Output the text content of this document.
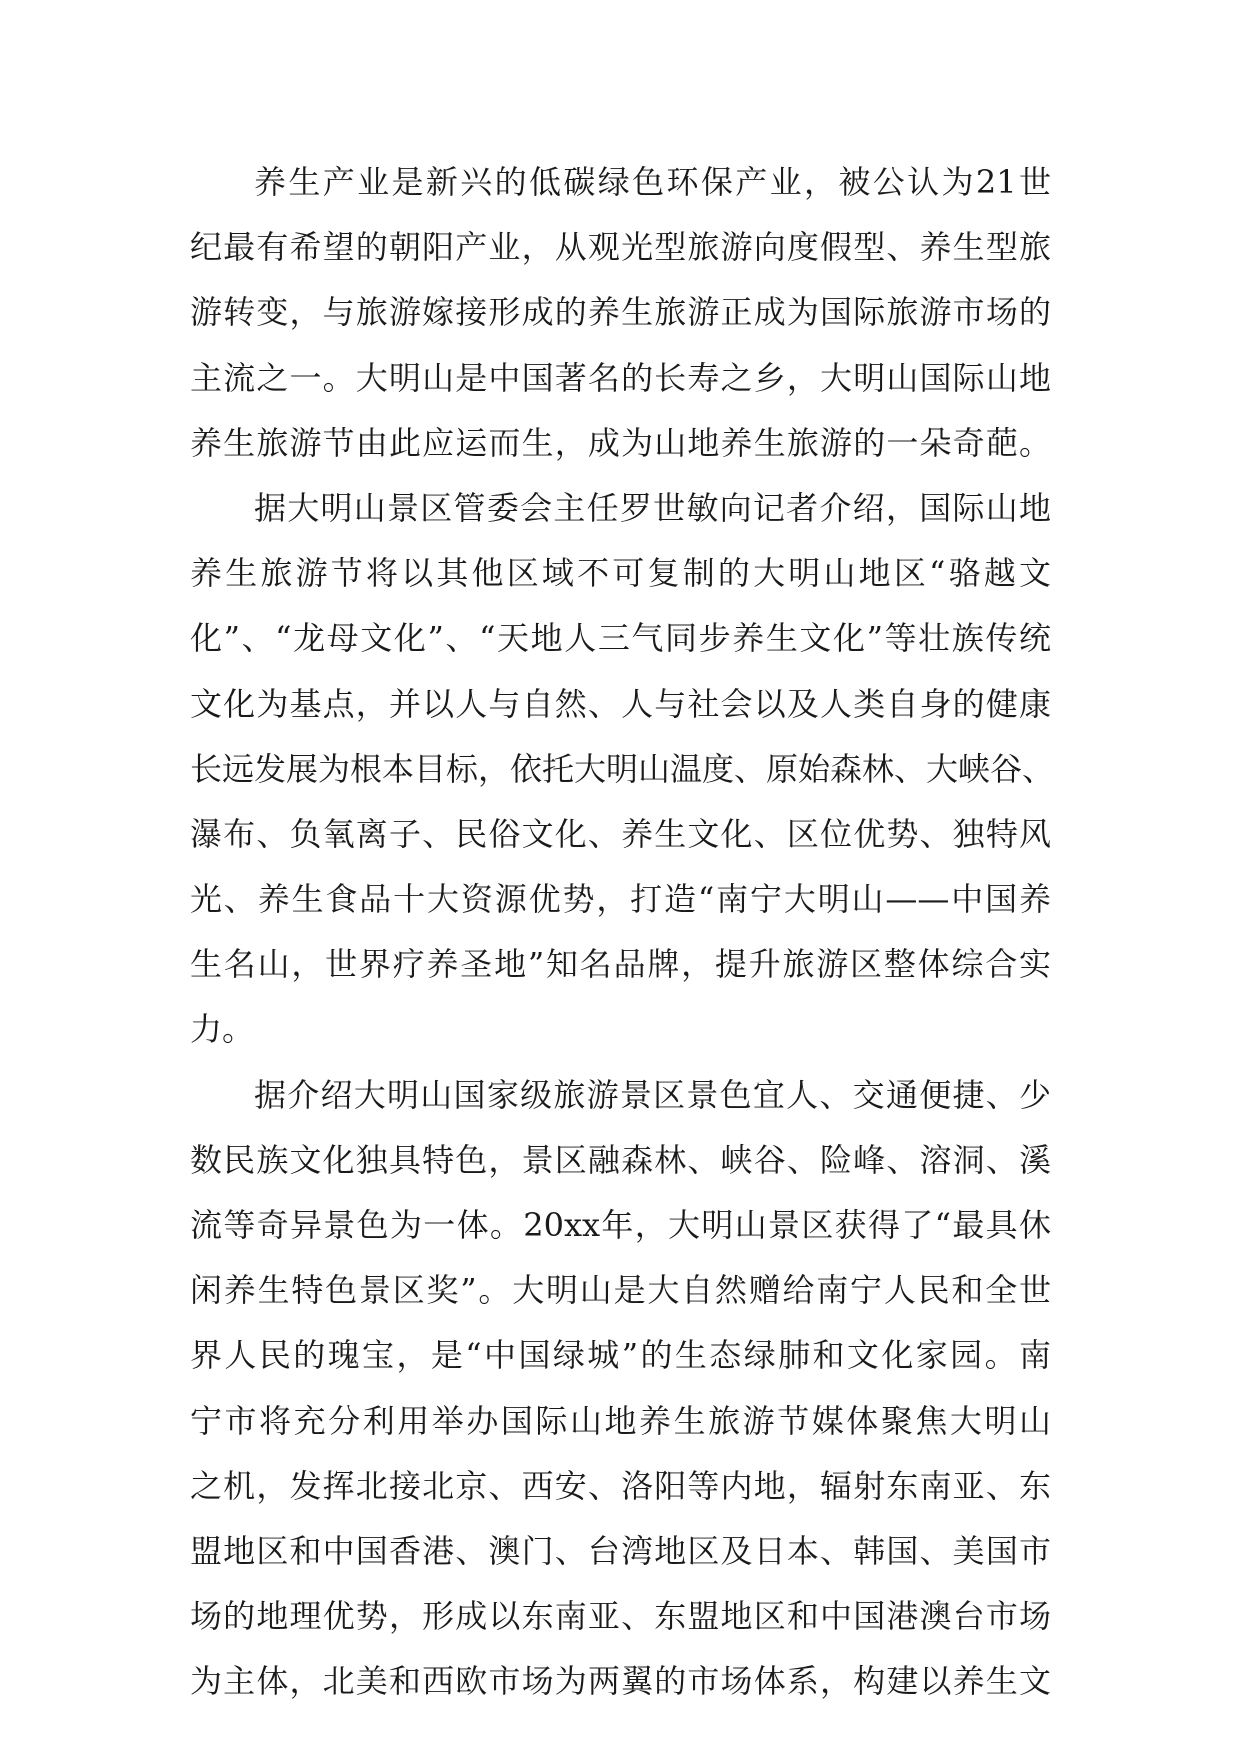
养生产业是新兴的低碳绿色环保产业，被公认为21世
纪最有希望的朝阳产业，从观光型旅游向度假型、养生型旅
游转变，与旅游嫁接形成的养生旅游正成为国际旅游市场的
主流之一。大明山是中国著名的长寿之乡，大明山国际山地
养生旅游节由此应运而生，成为山地养生旅游的一朵奇葩。
据大明山景区管委会主任罗世敏向记者介绍，国际山地
养生旅游节将以其他区域不可复制的大明山地区“骆越文
化”、“龙母文化”、“天地人三气同步养生文化”等壮族传统
文化为基点，并以人与自然、人与社会以及人类自身的健康
长远发展为根本目标，依托大明山温度、原始森林、大峡谷、
瀑布、负氧离子、民俗文化、养生文化、区位优势、独特风
光、养生食品十大资源优势，打造“南宁大明山——中国养
生名山，世界疗养圣地”知名品牌，提升旅游区整体综合实
力。
据介绍大明山国家级旅游景区景色宜人、交通便捷、少
数民族文化独具特色，景区融森林、峡谷、险峰、溶洞、溪
流等奇异景色为一体。20xx年，大明山景区获得了“最具休
闲养生特色景区奖”。大明山是大自然赠给南宁人民和全世
界人民的瑰宝，是“中国绿城”的生态绿肺和文化家园。南
宁市将充分利用举办国际山地养生旅游节媒体聚焦大明山
之机，发挥北接北京、西安、洛阳等内地，辐射东南亚、东
盟地区和中国香港、澳门、台湾地区及日本、韩国、美国市
场的地理优势，形成以东南亚、东盟地区和中国港澳台市场
为主体，北美和西欧市场为两翼的市场体系，构建以养生文
